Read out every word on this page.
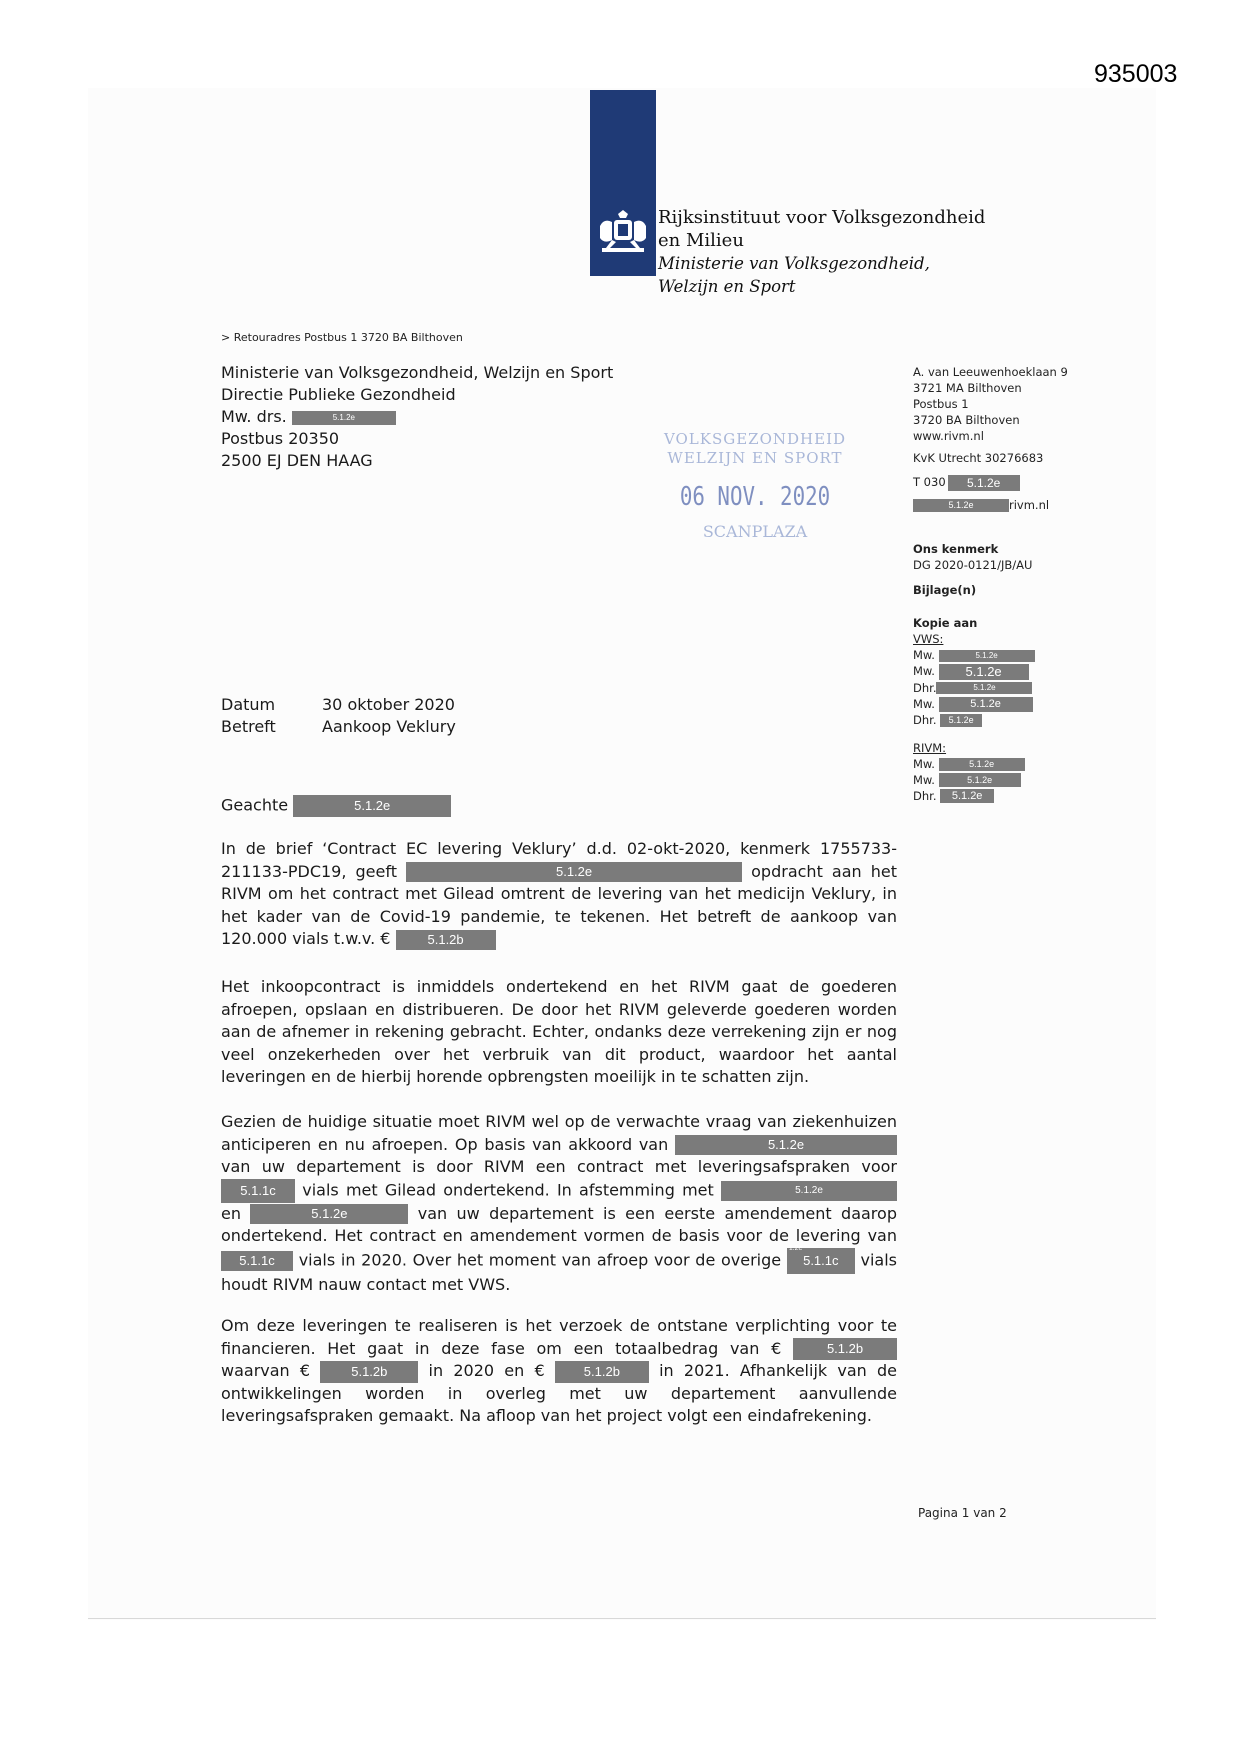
935003
Rijksinstituut voor Volksgezondheid
en Milieu
Ministerie van Volksgezondheid,
Welzijn en Sport
> Retouradres Postbus 1 3720 BA Bilthoven
Ministerie van Volksgezondheid, Welzijn en Sport
Directie Publieke Gezondheid
Mw. drs.	5.1.2e
Postbus 20350
2500 EJ DEN HAAG
VOLKSGEZONDHEID
WELZIJN EN SPORT
06 NOV. 2020
SCANPLAZA
A. van Leeuwenhoeklaan 9
3721 MA Bilthoven
Postbus 1
3720 BA Bilthoven
www.rivm.nl
KvK Utrecht 30276683
T 030 5.1.2e
5.1.2e	rivm.nl
Ons kenmerk
DG 2020-0121/JB/AU
Bijlage(n)
Kopie aan
VWS:
Mw.	5.1.2e
Mw. 5.1.2e
Dhr.	5.1.2e
Mw.	5.1.2e
Dhr. 5.1.2e
RIVM:
Mw.	5.1.2e
Mw.	5.1.2e
Dhr. 5.1.2e
Datum	30 oktober 2020
Betreft	Aankoop Veklury
Geachte	5.1.2e
In de brief ‘Contract EC levering Veklury’ d.d. 02-okt-2020, kenmerk 1755733-211133-PDC19, geeft	5.1.2e	opdracht aan het RIVM om het contract met Gilead omtrent de levering van het medicijn Veklury, in het kader van de Covid-19 pandemie, te tekenen. Het betreft de aankoop van 120.000 vials t.w.v. €	5.1.2b
Het inkoopcontract is inmiddels ondertekend en het RIVM gaat de goederen afroepen, opslaan en distribueren. De door het RIVM geleverde goederen worden aan de afnemer in rekening gebracht. Echter, ondanks deze verrekening zijn er nog veel onzekerheden over het verbruik van dit product, waardoor het aantal leveringen en de hierbij horende opbrengsten moeilijk in te schatten zijn.
Gezien de huidige situatie moet RIVM wel op de verwachte vraag van ziekenhuizen anticiperen en nu afroepen. Op basis van akkoord van	5.1.2e van uw departement is door RIVM een contract met leveringsafspraken voor 5.1.1c vials met Gilead ondertekend. In afstemming met	5.1.2e en	5.1.2e	van uw departement is een eerste amendement daarop ondertekend. Het contract en amendement vormen de basis voor de levering van 5.1.1c vials in 2020. Over het moment van afroep voor de overige
1.2e
5.1.1c vials houdt RIVM nauw contact met VWS.
Om deze leveringen te realiseren is het verzoek de ontstane verplichting voor te financieren. Het gaat in deze fase om een totaalbedrag van €	5.1.2b waarvan €	5.1.2b	in 2020 en €	5.1.2b in 2021. Afhankelijk van de ontwikkelingen worden in overleg met uw departement aanvullende leveringsafspraken gemaakt. Na afloop van het project volgt een eindafrekening.
Pagina 1 van 2
